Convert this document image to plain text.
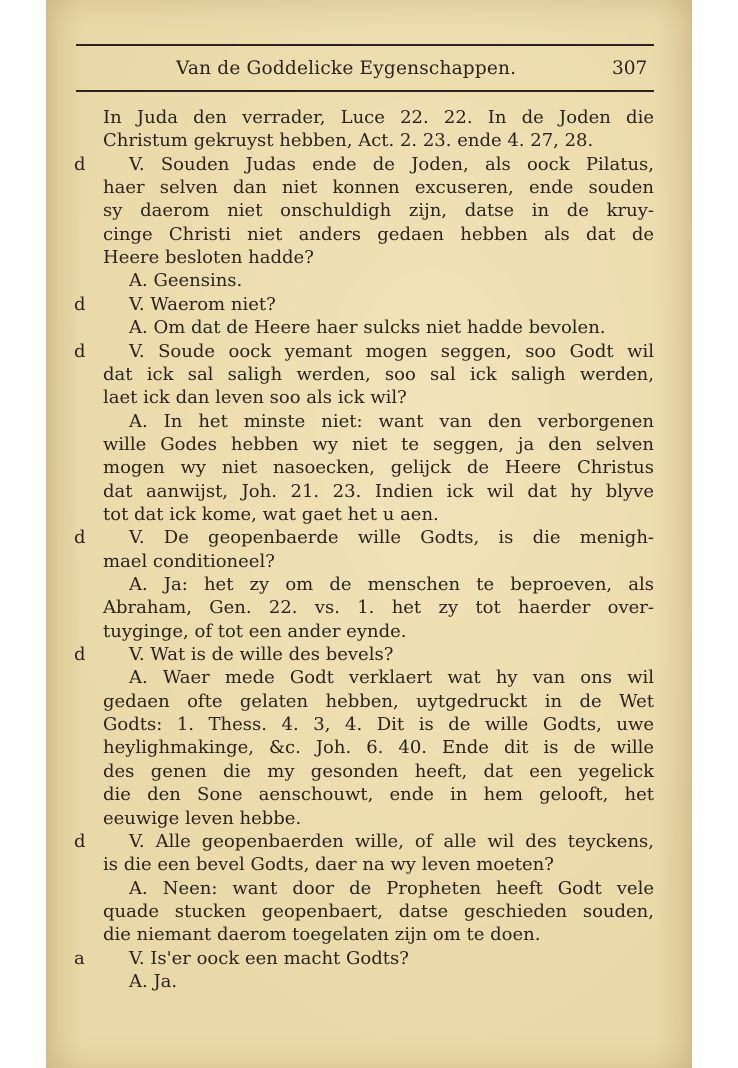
Van de Goddelicke Eygenschappen.	307
In Juda den verrader, Luce 22. 22. In de Joden die
Christum gekruyst hebben, Act. 2. 23. ende 4. 27, 28.
d V. Souden Judas ende de Joden, als oock Pilatus,
haer selven dan niet konnen excuseren, ende souden
sy daerom niet onschuldigh zijn, datse in de kruy-
cinge Christi niet anders gedaen hebben als dat de
Heere besloten hadde?
A. Geensins.
d V. Waerom niet?
A. Om dat de Heere haer sulcks niet hadde bevolen.
d V. Soude oock yemant mogen seggen, soo Godt wil
dat ick sal saligh werden, soo sal ick saligh werden,
laet ick dan leven soo als ick wil?
A. In het minste niet: want van den verborgenen
wille Godes hebben wy niet te seggen, ja den selven
mogen wy niet nasoecken, gelijck de Heere Christus
dat aanwijst, Joh. 21. 23. Indien ick wil dat hy blyve
tot dat ick kome, wat gaet het u aen.
d V. De geopenbaerde wille Godts, is die menigh-
mael conditioneel?
A. Ja: het zy om de menschen te beproeven, als
Abraham, Gen. 22. vs. 1. het zy tot haerder over-
tuyginge, of tot een ander eynde.
d V. Wat is de wille des bevels?
A. Waer mede Godt verklaert wat hy van ons wil
gedaen ofte gelaten hebben, uytgedruckt in de Wet
Godts: 1. Thess. 4. 3, 4. Dit is de wille Godts, uwe
heylighmakinge, &c. Joh. 6. 40. Ende dit is de wille
des genen die my gesonden heeft, dat een yegelick
die den Sone aenschouwt, ende in hem gelooft, het
eeuwige leven hebbe.
d V. Alle geopenbaerden wille, of alle wil des teyckens,
is die een bevel Godts, daer na wy leven moeten?
A. Neen: want door de Propheten heeft Godt vele
quade stucken geopenbaert, datse geschieden souden,
die niemant daerom toegelaten zijn om te doen.
a V. Is'er oock een macht Godts?
A. Ja.
